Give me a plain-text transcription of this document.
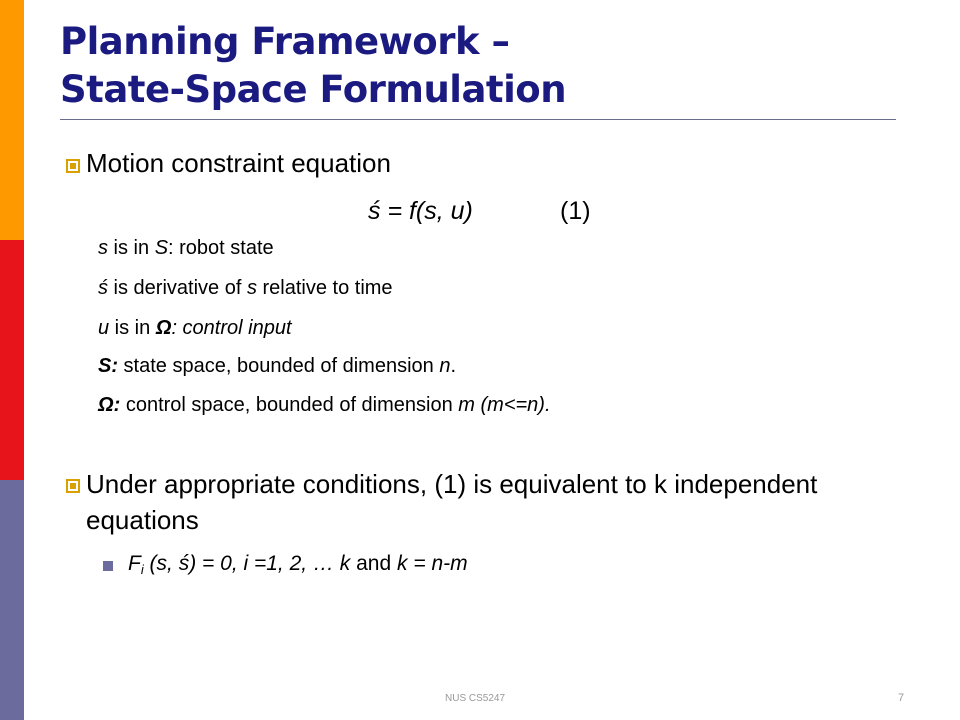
Planning Framework –
State-Space Formulation
Motion constraint equation
ś = f(s, u)	(1)
s is in S: robot state
ś is derivative of s relative to time
u is in Ω: control input
S: state space, bounded of dimension n.
Ω: control space, bounded of dimension m (m<=n).
Under appropriate conditions, (1) is equivalent to k independent equations
$F_i$ (s, ś) = 0, i =1, 2, … k and k = n-m
NUS CS5247	7
